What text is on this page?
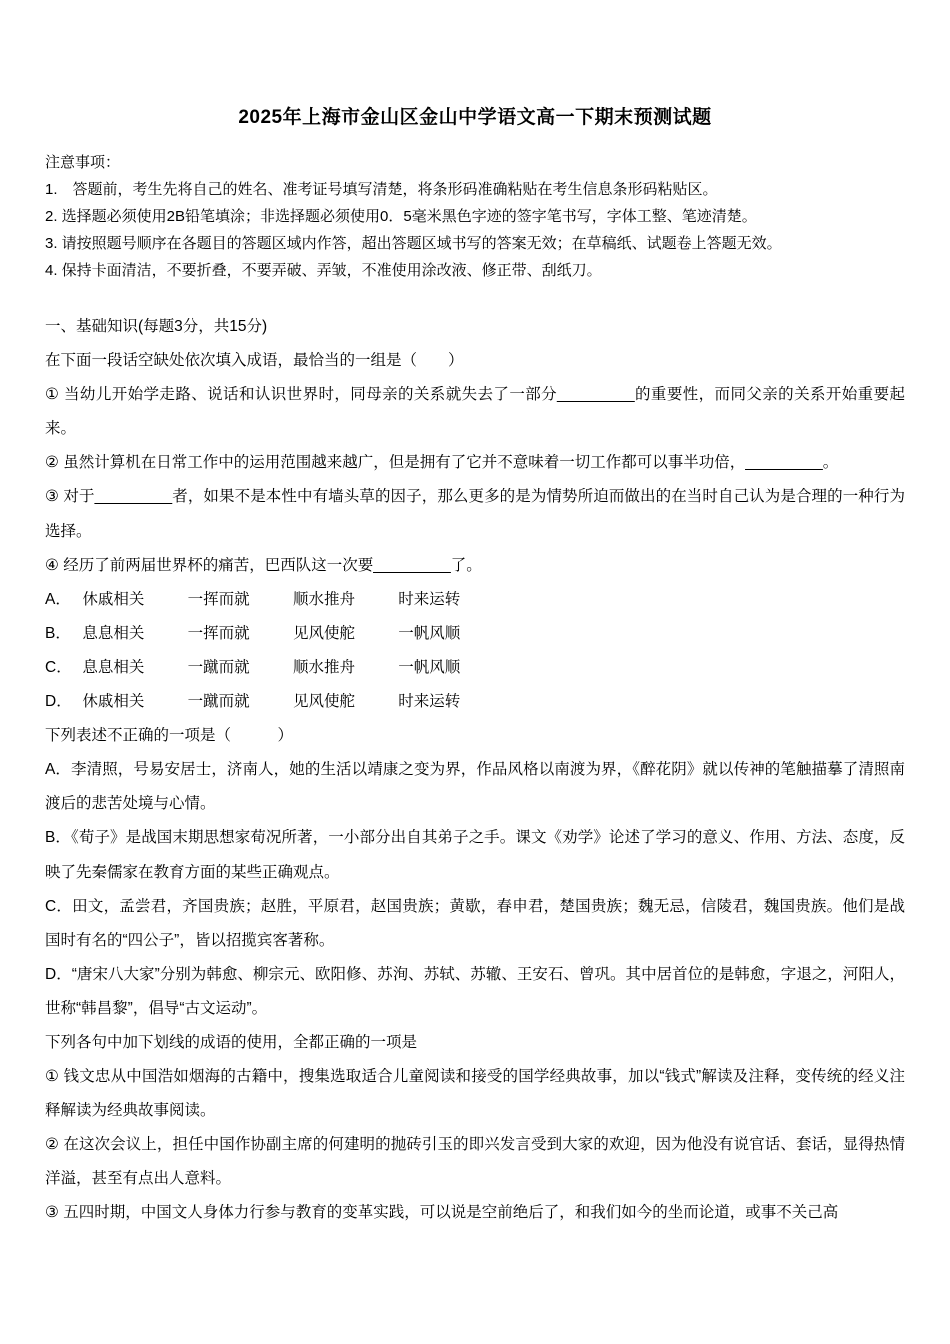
2025年上海市金山区金山中学语文高一下期末预测试题
注意事项：

1.　答题前，考生先将自己的姓名、准考证号填写清楚，将条形码准确粘贴在考生信息条形码粘贴区。

2. 选择题必须使用2B铅笔填涂；非选择题必须使用0．5毫米黑色字迹的签字笔书写，字体工整、笔迹清楚。

3. 请按照题号顺序在各题目的答题区域内作答，超出答题区域书写的答案无效；在草稿纸、试题卷上答题无效。

4. 保持卡面清洁，不要折叠，不要弄破、弄皱，不准使用涂改液、修正带、刮纸刀。

一、基础知识(每题3分，共15分)

在下面一段话空缺处依次填入成语，最恰当的一组是（　　）

① 当幼儿开始学走路、说话和认识世界时，同母亲的关系就失去了一部分_________的重要性，而同父亲的关系开始重要起来。

② 虽然计算机在日常工作中的运用范围越来越广，但是拥有了它并不意味着一切工作都可以事半功倍，_________。

③ 对于_________者，如果不是本性中有墙头草的因子，那么更多的是为情势所迫而做出的在当时自己认为是合理的一种行为选择。

④ 经历了前两届世界杯的痛苦，巴西队这一次要_________了。

A． 休戚相关	一挥而就	顺水推舟	时来运转
B． 息息相关	一挥而就	见风使舵	一帆风顺
C． 息息相关	一蹴而就	顺水推舟	一帆风顺
D． 休戚相关	一蹴而就	见风使舵	时来运转

下列表述不正确的一项是（　　　）

A．李清照，号易安居士，济南人，她的生活以靖康之变为界，作品风格以南渡为界，《醉花阴》就以传神的笔触描摹了清照南渡后的悲苦处境与心情。

B．《荀子》是战国末期思想家荀况所著，一小部分出自其弟子之手。课文《劝学》论述了学习的意义、作用、方法、态度，反映了先秦儒家在教育方面的某些正确观点。

C．田文，孟尝君，齐国贵族；赵胜，平原君，赵国贵族；黄歇，春申君，楚国贵族；魏无忌，信陵君，魏国贵族。他们是战国时有名的“四公子”，皆以招揽宾客著称。

D．“唐宋八大家”分别为韩愈、柳宗元、欧阳修、苏洵、苏轼、苏辙、王安石、曾巩。其中居首位的是韩愈，字退之，河阳人，世称“韩昌黎”，倡导“古文运动”。

下列各句中加下划线的成语的使用，全都正确的一项是

① 钱文忠从中国浩如烟海的古籍中，搜集选取适合儿童阅读和接受的国学经典故事，加以“钱式”解读及注释，变传统的经义注释解读为经典故事阅读。

② 在这次会议上，担任中国作协副主席的何建明的抛砖引玉的即兴发言受到大家的欢迎，因为他没有说官话、套话，显得热情洋溢，甚至有点出人意料。

③ 五四时期，中国文人身体力行参与教育的变革实践，可以说是空前绝后了，和我们如今的坐而论道，或事不关己高
